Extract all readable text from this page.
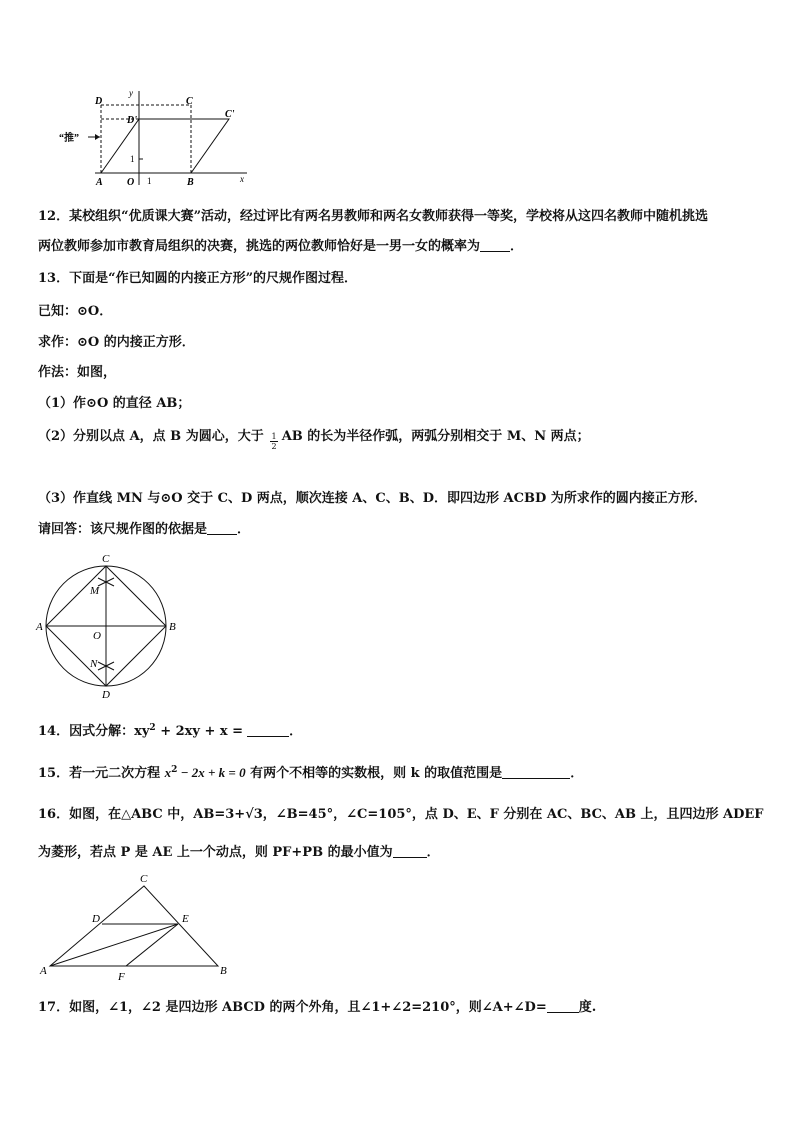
D	C
D'
C'
“推”
y
1
A O 1	B	x
12．某校组织“优质课大赛”活动，经过评比有两名男教师和两名女教师获得一等奖，学校将从这四名教师中随机挑选
两位教师参加市教育局组织的决赛，挑选的两位教师恰好是一男一女的概率为 ．
13．下面是“作已知圆的内接正方形”的尺规作图过程．
已知：⊙O．
求作：⊙O 的内接正方形．
作法：如图，
（1）作⊙O 的直径 AB；
（2）分别以点 A，点 B 为圆心，大于 AB 的长为半径作弧，两弧分别相交于 M、N 两点；
$\frac{1}{2}$
（3）作直线 MN 与⊙O 交于 C、D 两点，顺次连接 A、C、B、D．即四边形 ACBD 为所求作的圆内接正方形．
请回答：该尺规作图的依据是 ．
C
M
A
O
B
N
D
14．因式分解：$xy^2 + 2xy + x$ =	．
15．若一元二次方程 $x^2 - 2x + k = 0$ 有两个不相等的实数根，则 k 的取值范围是	．
16．如图，在△ABC 中，AB=3+√3，∠B=45°，∠C=105°，点 D、E、F 分别在 AC、BC、AB 上，且四边形 ADEF
为菱形，若点 P 是 AE 上一个动点，则 PF+PB 的最小值为	．
C
D	E
A	F	B
17．如图，∠1，∠2 是四边形 ABCD 的两个外角，且∠1+∠2=210°，则∠A+∠D= 度.
